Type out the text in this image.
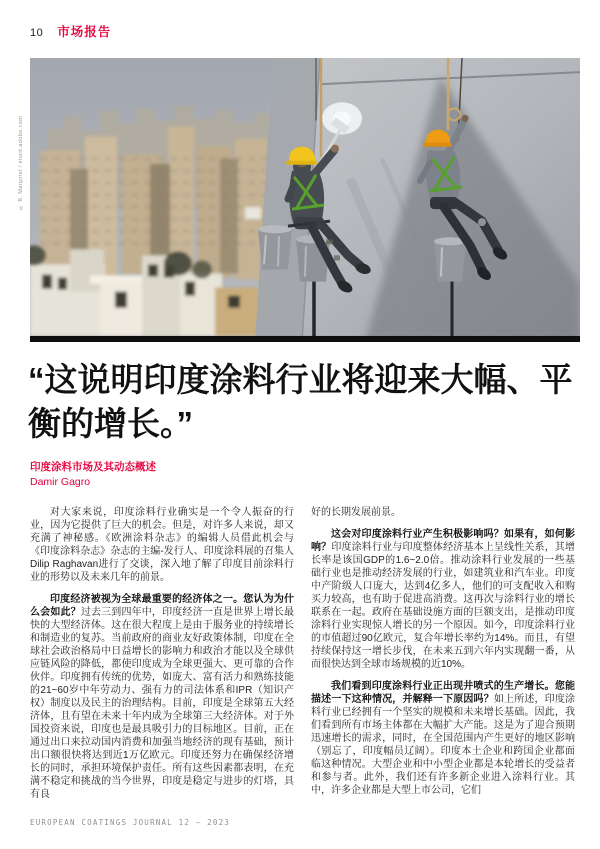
10 市场报告
© B. Margniet / stock.adobe.com
“这说明印度涂料行业将迎来大幅、平衡的增长。”
印度涂料市场及其动态概述
Damir Gagro

对大家来说，印度涂料行业确实是一个令人振奋的行业，因为它提供了巨大的机会。但是，对许多人来说，却又充满了神秘感。《欧洲涂料杂志》的编辑人员借此机会与《印度涂料杂志》杂志的主编-发行人、印度涂料展的召集人Dilip Raghavan进行了交谈，深入地了解了印度目前涂料行业的形势以及未来几年的前景。

印度经济被视为全球最重要的经济体之一。您认为为什么会如此？过去三到四年中，印度经济一直是世界上增长最快的大型经济体。这在很大程度上是由于服务业的持续增长和制造业的复苏。当前政府的商业友好政策体制，印度在全球社会政治格局中日益增长的影响力和政治才能以及全球供应链风险的降低，都使印度成为全球更强大、更可靠的合作伙伴。印度拥有传统的优势，如庞大、富有活力和熟练技能的21~60岁中年劳动力、强有力的司法体系和IPR（知识产权）制度以及民主的治理结构。目前，印度是全球第五大经济体，且有望在未来十年内成为全球第三大经济体。对于外国投资来说，印度也是最具吸引力的目标地区。目前，正在通过出口来拉动国内消费和加强当地经济的现有基础，预计出口额很快将达到近1万亿欧元。印度还努力在确保经济增长的同时，承担环境保护责任。所有这些因素都表明，在充满不稳定和挑战的当今世界，印度是稳定与进步的灯塔，具有良

好的长期发展前景。

这会对印度涂料行业产生积极影响吗？如果有，如何影响？印度涂料行业与印度整体经济基本上呈线性关系，其增长率是该国GDP的1.6~2.0倍。推动涂料行业发展的一些基础行业也是推动经济发展的行业，如建筑业和汽车业。印度中产阶级人口庞大，达到4亿多人，他们的可支配收入和购买力较高，也有助于促进高消费。这再次与涂料行业的增长联系在一起。政府在基础设施方面的巨额支出，是推动印度涂料行业实现惊人增长的另一个原因。如今，印度涂料行业的市值超过90亿欧元，复合年增长率约为14%。而且，有望持续保持这一增长步伐，在未来五到六年内实现翻一番，从而很快达到全球市场规模的近10%。

我们看到印度涂料行业正出现井喷式的生产增长。您能描述一下这种情况，并解释一下原因吗？如上所述，印度涂料行业已经拥有一个坚实的规模和未来增长基础。因此，我们看到所有市场主体都在大幅扩大产能。这是为了迎合预期迅速增长的需求，同时，在全国范围内产生更好的地区影响（别忘了，印度幅员辽阔）。印度本土企业和跨国企业都面临这种情况。大型企业和中小型企业都是本轮增长的受益者和参与者。此外，我们还有许多新企业进入涂料行业。其中，许多企业都是大型上市公司，它们

EUROPEAN COATINGS JOURNAL 12 – 2023
